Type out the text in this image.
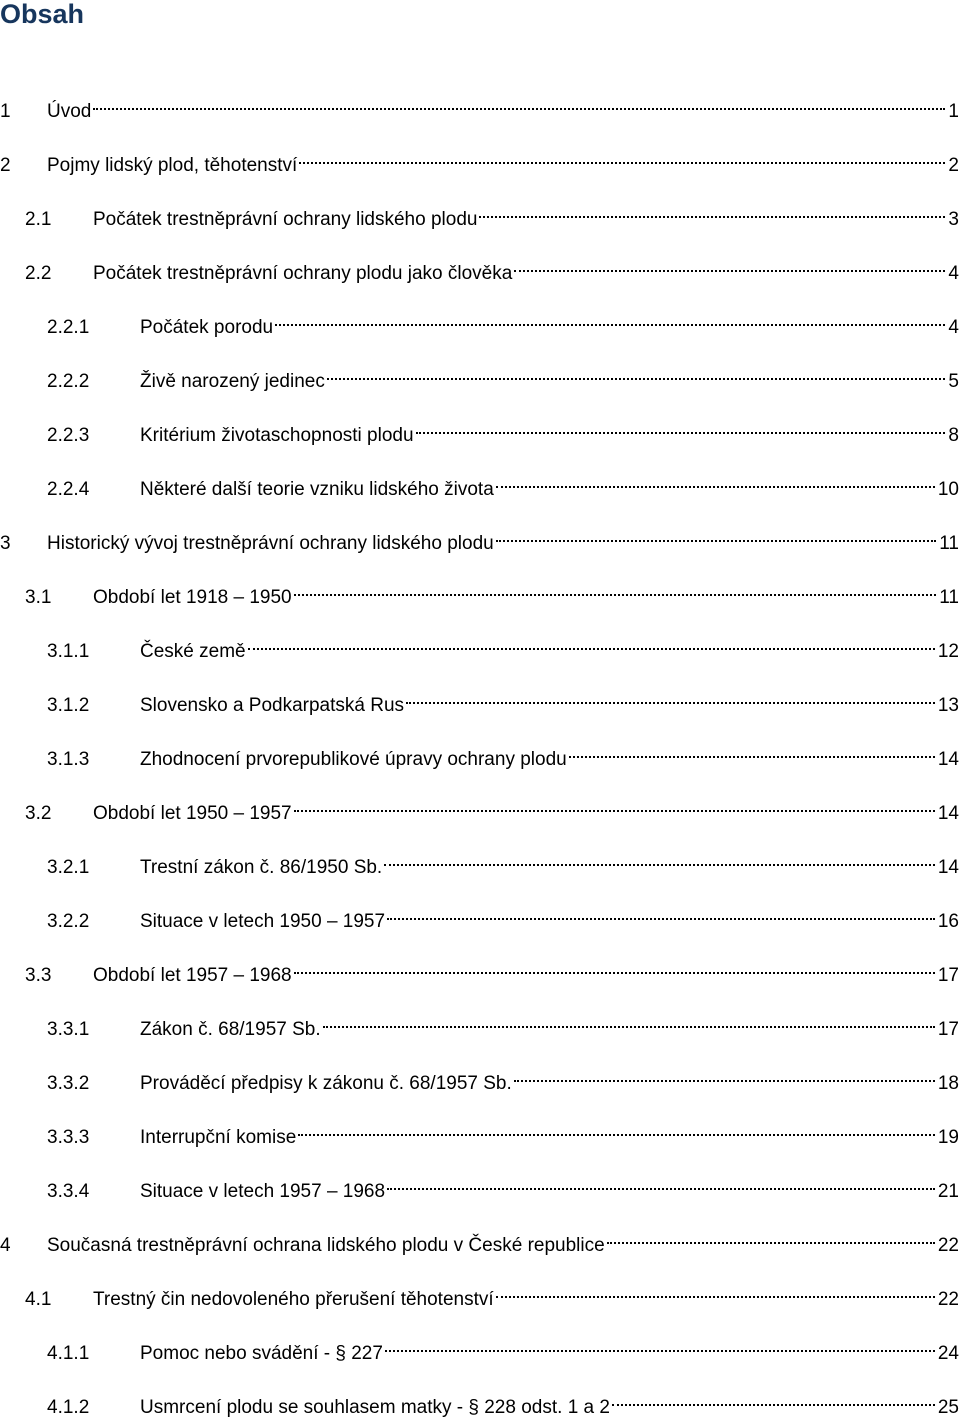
Obsah
1	Úvod	1
2	Pojmy lidský plod, těhotenství	2
2.1	Počátek trestněprávní ochrany lidského plodu	3
2.2	Počátek trestněprávní ochrany plodu jako člověka	4
2.2.1	Počátek porodu	4
2.2.2	Živě narozený jedinec	5
2.2.3	Kritérium životaschopnosti plodu	8
2.2.4	Některé další teorie vzniku lidského života	10
3	Historický vývoj trestněprávní ochrany lidského plodu	11
3.1	Období let 1918 – 1950	11
3.1.1	České země	12
3.1.2	Slovensko a Podkarpatská Rus	13
3.1.3	Zhodnocení prvorepublikové úpravy ochrany plodu	14
3.2	Období let 1950 – 1957	14
3.2.1	Trestní zákon č. 86/1950 Sb.	14
3.2.2	Situace v letech 1950 – 1957	16
3.3	Období let 1957 – 1968	17
3.3.1	Zákon č. 68/1957 Sb.	17
3.3.2	Prováděcí předpisy k zákonu č. 68/1957 Sb.	18
3.3.3	Interrupční komise	19
3.3.4	Situace v letech 1957 – 1968	21
4	Současná trestněprávní ochrana lidského plodu v České republice	22
4.1	Trestný čin nedovoleného přerušení těhotenství	22
4.1.1	Pomoc nebo svádění - § 227	24
4.1.2	Usmrcení plodu se souhlasem matky - § 228 odst. 1 a 2	25
